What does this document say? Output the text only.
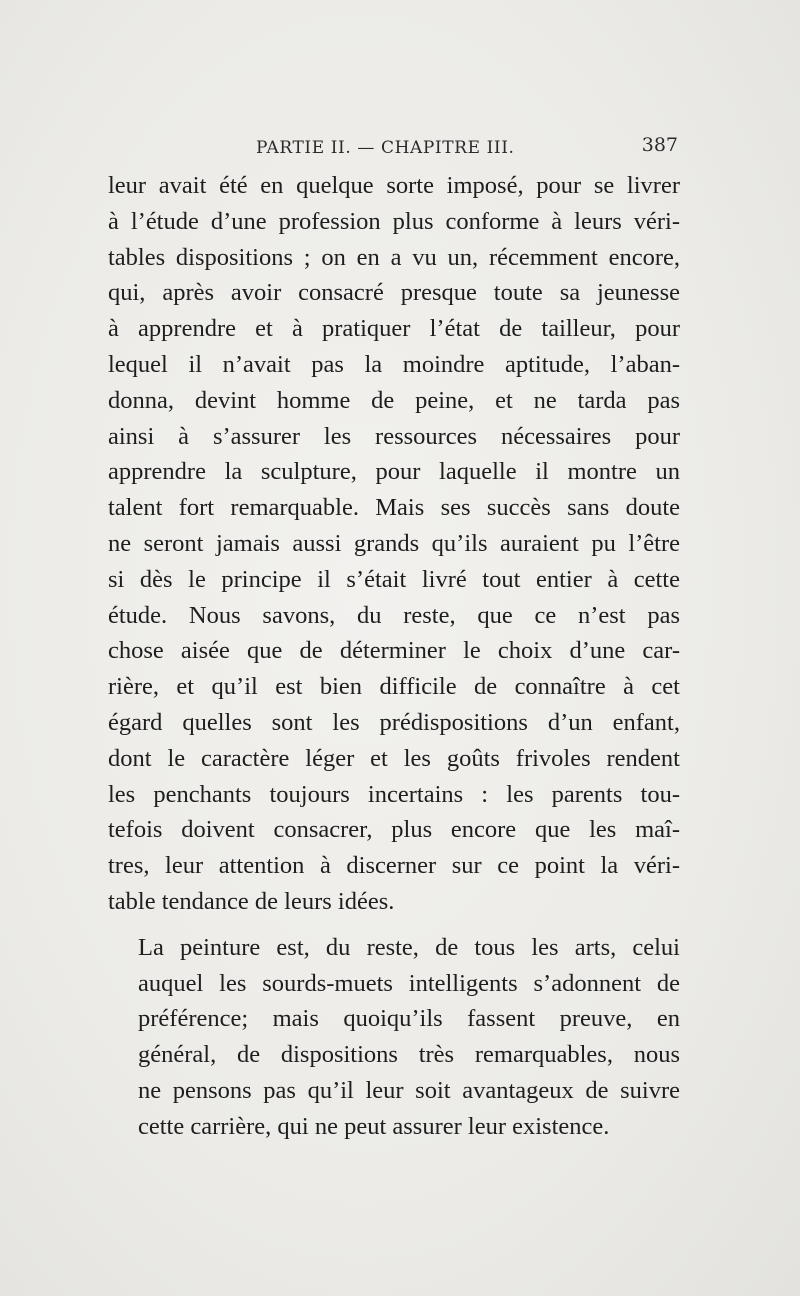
PARTIE II. — CHAPITRE III.	387

leur avait été en quelque sorte imposé, pour se livrer
à l’étude d’une profession plus conforme à leurs véri-
tables dispositions ; on en a vu un, récemment encore,
qui, après avoir consacré presque toute sa jeunesse
à apprendre et à pratiquer l’état de tailleur, pour
lequel il n’avait pas la moindre aptitude, l’aban-
donna, devint homme de peine, et ne tarda pas
ainsi à s’assurer les ressources nécessaires pour
apprendre la sculpture, pour laquelle il montre un
talent fort remarquable. Mais ses succès sans doute
ne seront jamais aussi grands qu’ils auraient pu l’être
si dès le principe il s’était livré tout entier à cette
étude. Nous savons, du reste, que ce n’est pas
chose aisée que de déterminer le choix d’une car-
rière, et qu’il est bien difficile de connaître à cet
égard quelles sont les prédispositions d’un enfant,
dont le caractère léger et les goûts frivoles rendent
les penchants toujours incertains : les parents tou-
tefois doivent consacrer, plus encore que les maî-
tres, leur attention à discerner sur ce point la véri-
table tendance de leurs idées.

La peinture est, du reste, de tous les arts, celui
auquel les sourds-muets intelligents s’adonnent de
préférence; mais quoiqu’ils fassent preuve, en
général, de dispositions très remarquables, nous
ne pensons pas qu’il leur soit avantageux de suivre
cette carrière, qui ne peut assurer leur existence.
